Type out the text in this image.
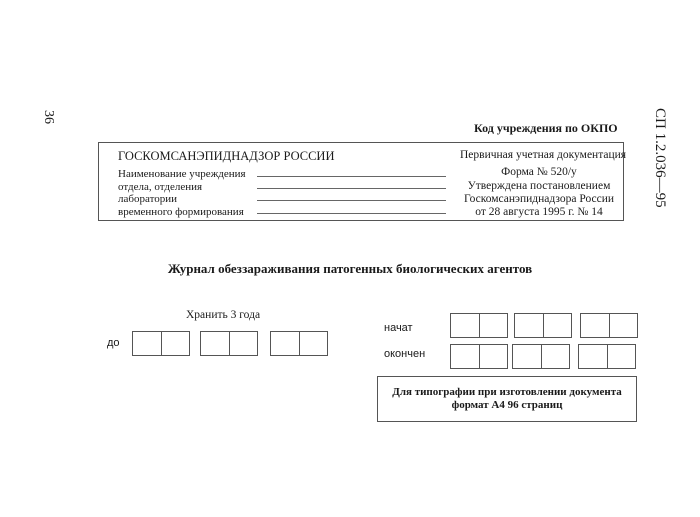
36	СП 1.2.036—95
Код учреждения по ОКПО
ГОСКОМСАНЭПИДНАДЗОР РОССИИ
Наименование учреждения
отдела, отделения
лаборатории
временного формирования
Первичная учетная документация
Форма № 520/у
Утверждена постановлением
Госкомсанэпиднадзора России
от 28 августа 1995 г. № 14
Журнал обеззараживания патогенных биологических агентов
Хранить 3 года
до
начат
окончен
Для типографии при изготовлении документа
формат А4 96 страниц
